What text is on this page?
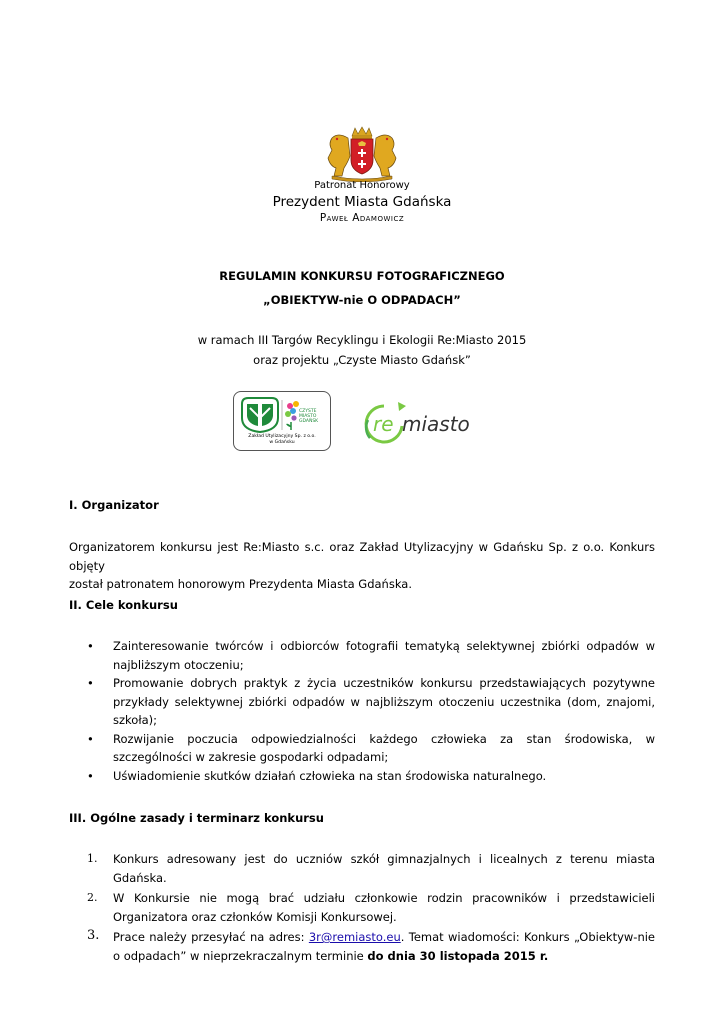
Patronat Honorowy
Prezydent Miasta Gdańska
Paweł Adamowicz
REGULAMIN KONKURSU FOTOGRAFICZNEGO
„OBIEKTYW-nie O ODPADACH”
w ramach III Targów Recyklingu i Ekologii Re:Miasto 2015
oraz projektu „Czyste Miasto Gdańsk”
CZYSTE
MIASTO
GDAŃSK
Zakład Utylizacyjny Sp. z o.o.
w Gdańsku
re miasto
I. Organizator
Organizatorem konkursu jest Re:Miasto s.c. oraz Zakład Utylizacyjny w Gdańsku Sp. z o.o. Konkurs objęty
został patronatem honorowym Prezydenta Miasta Gdańska.
II. Cele konkursu
• Zainteresowanie twórców i odbiorców fotografii tematyką selektywnej zbiórki odpadów w najbliższym otoczeniu;
• Promowanie dobrych praktyk z życia uczestników konkursu przedstawiających pozytywne przykłady selektywnej zbiórki odpadów w najbliższym otoczeniu uczestnika (dom, znajomi, szkoła);
• Rozwijanie poczucia odpowiedzialności każdego człowieka za stan środowiska, w szczególności w zakresie gospodarki odpadami;
• Uświadomienie skutków działań człowieka na stan środowiska naturalnego.
III. Ogólne zasady i terminarz konkursu
1. Konkurs adresowany jest do uczniów szkół gimnazjalnych i licealnych z terenu miasta Gdańska.
2. W Konkursie nie mogą brać udziału członkowie rodzin pracowników i przedstawicieli Organizatora oraz członków Komisji Konkursowej.
3. Prace należy przesyłać na adres: 3r@remiasto.eu. Temat wiadomości: Konkurs „Obiektyw-nie o odpadach” w nieprzekraczalnym terminie do dnia 30 listopada 2015 r.
